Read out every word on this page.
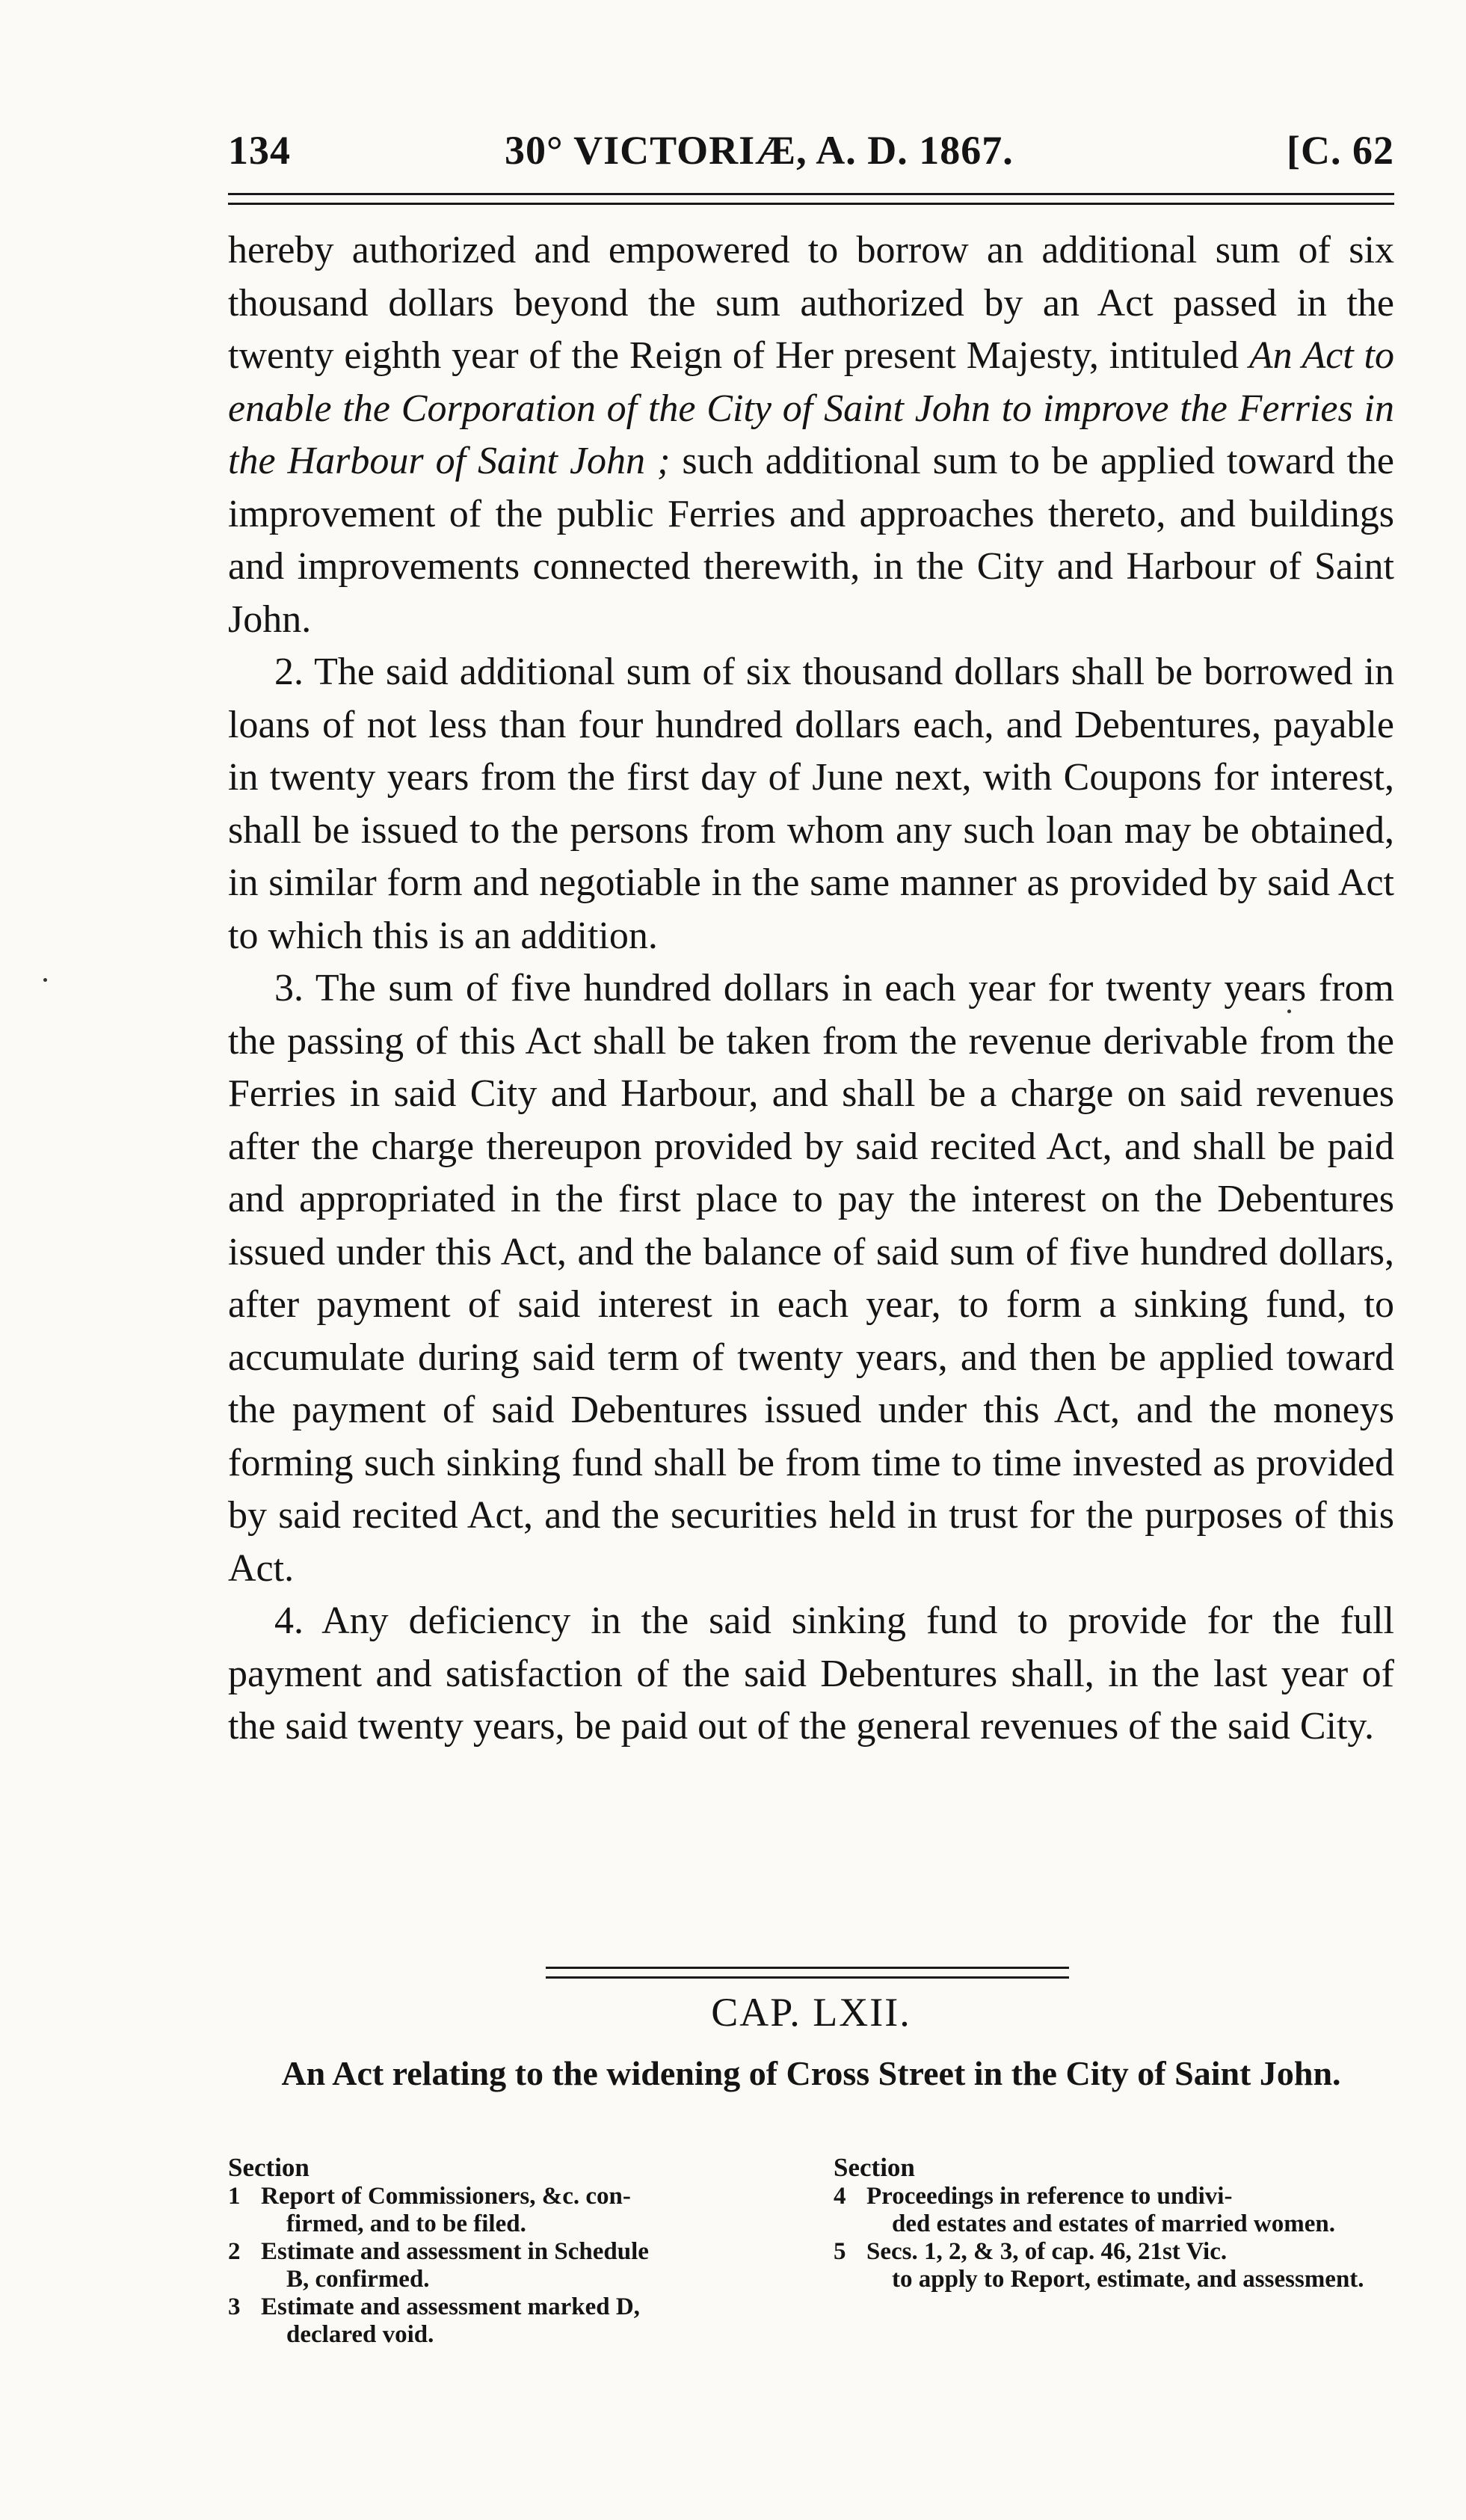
134	30° VICTORIÆ, A. D. 1867.	[C. 62

hereby authorized and empowered to borrow an additional sum of six thousand dollars beyond the sum authorized by an Act passed in the twenty eighth year of the Reign of Her present Majesty, intituled An Act to enable the Corporation of the City of Saint John to improve the Ferries in the Harbour of Saint John ; such additional sum to be applied toward the improvement of the public Ferries and approaches thereto, and buildings and improvements connected therewith, in the City and Harbour of Saint John.

2. The said additional sum of six thousand dollars shall be borrowed in loans of not less than four hundred dollars each, and Debentures, payable in twenty years from the first day of June next, with Coupons for interest, shall be issued to the persons from whom any such loan may be obtained, in similar form and negotiable in the same manner as provided by said Act to which this is an addition.

3. The sum of five hundred dollars in each year for twenty years from the passing of this Act shall be taken from the revenue derivable from the Ferries in said City and Harbour, and shall be a charge on said revenues after the charge thereupon provided by said recited Act, and shall be paid and appropriated in the first place to pay the interest on the Debentures issued under this Act, and the balance of said sum of five hundred dollars, after payment of said interest in each year, to form a sinking fund, to accumulate during said term of twenty years, and then be applied toward the payment of said Debentures issued under this Act, and the moneys forming such sinking fund shall be from time to time invested as provided by said recited Act, and the securities held in trust for the purposes of this Act.

4. Any deficiency in the said sinking fund to provide for the full payment and satisfaction of the said Debentures shall, in the last year of the said twenty years, be paid out of the general revenues of the said City.

CAP. LXII.
An Act relating to the widening of Cross Street in the City of Saint John.
Section
1 Report of Commissioners, &c. con-
firmed, and to be filed.
2 Estimate and assessment in Schedule
B, confirmed.
3 Estimate and assessment marked D,
declared void.
Section
4 Proceedings in reference to undivi-
ded estates and estates of married women.
5 Secs. 1, 2, & 3, of cap. 46, 21st Vic.
to apply to Report, estimate, and assessment.
